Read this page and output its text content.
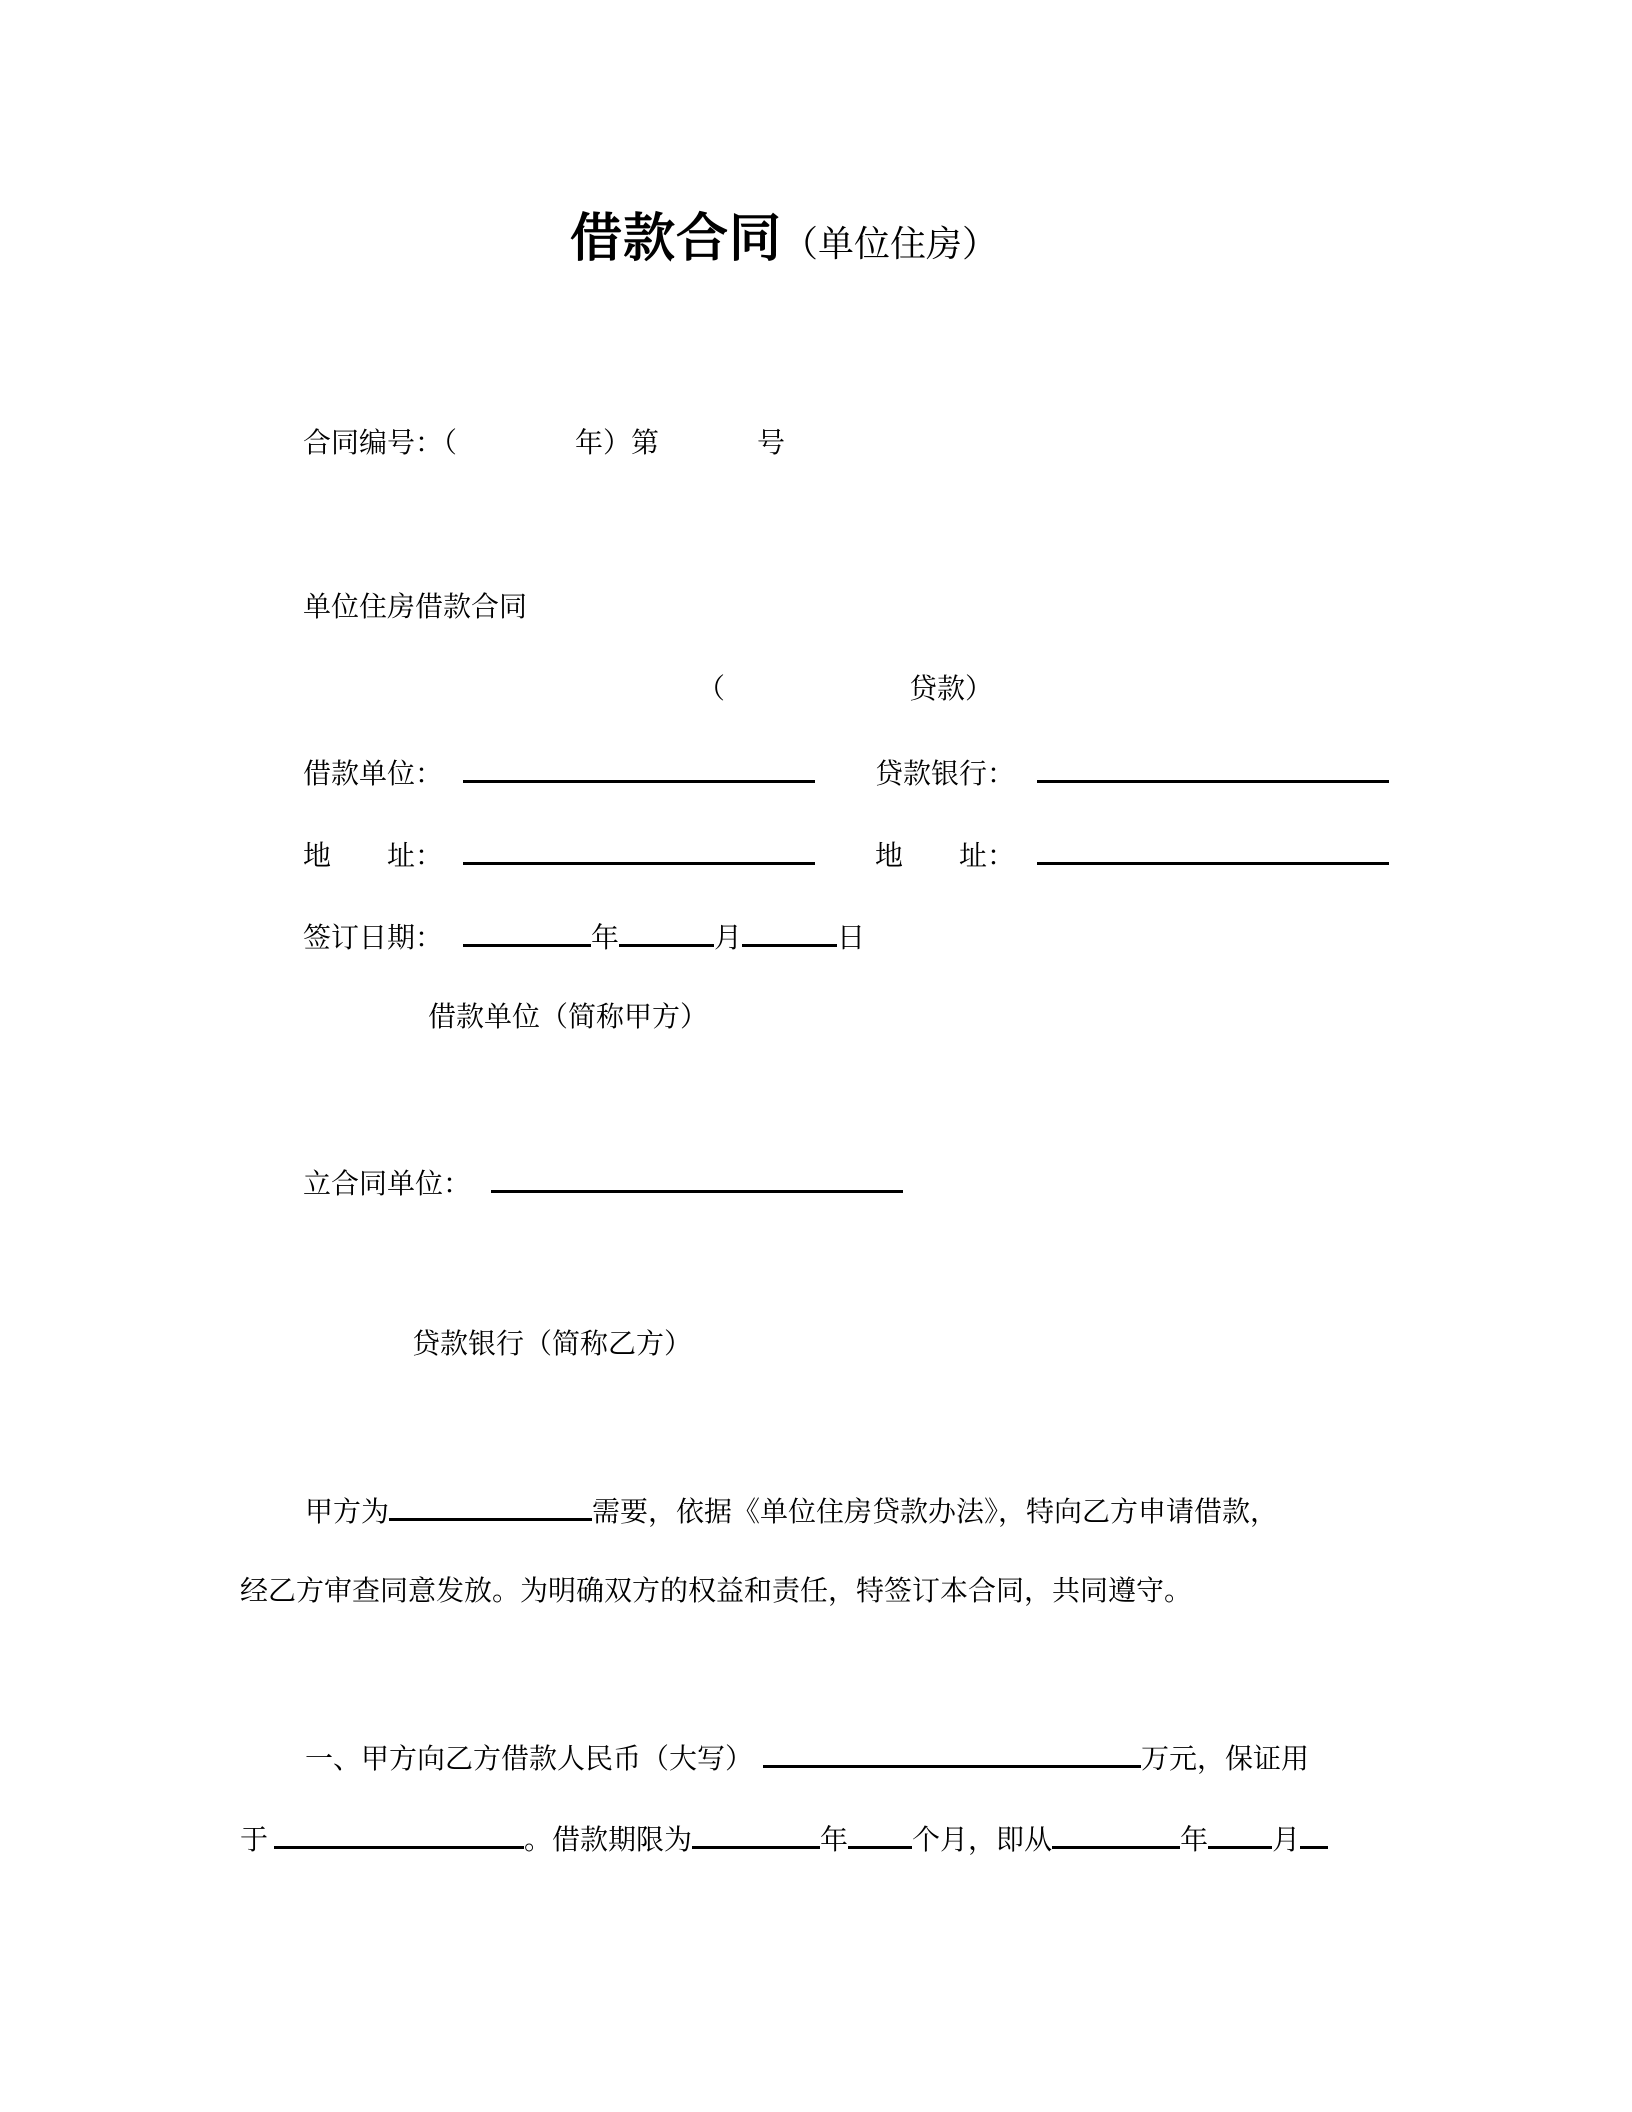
借款合同（单位住房）
合同编号：（	年）第	号
单位住房借款合同
（	贷款）
借款单位：	贷款银行：
地　　址：	地　　址：
签订日期：	年	月	日
借款单位（简称甲方）
立合同单位：
贷款银行（简称乙方）
甲方为	需要，依据《单位住房贷款办法》，特向乙方申请借款，
经乙方审查同意发放。为明确双方的权益和责任，特签订本合同，共同遵守。
一、甲方向乙方借款人民币（大写）	万元，保证用
于	。借款期限为	年 个月，即从	年 月
